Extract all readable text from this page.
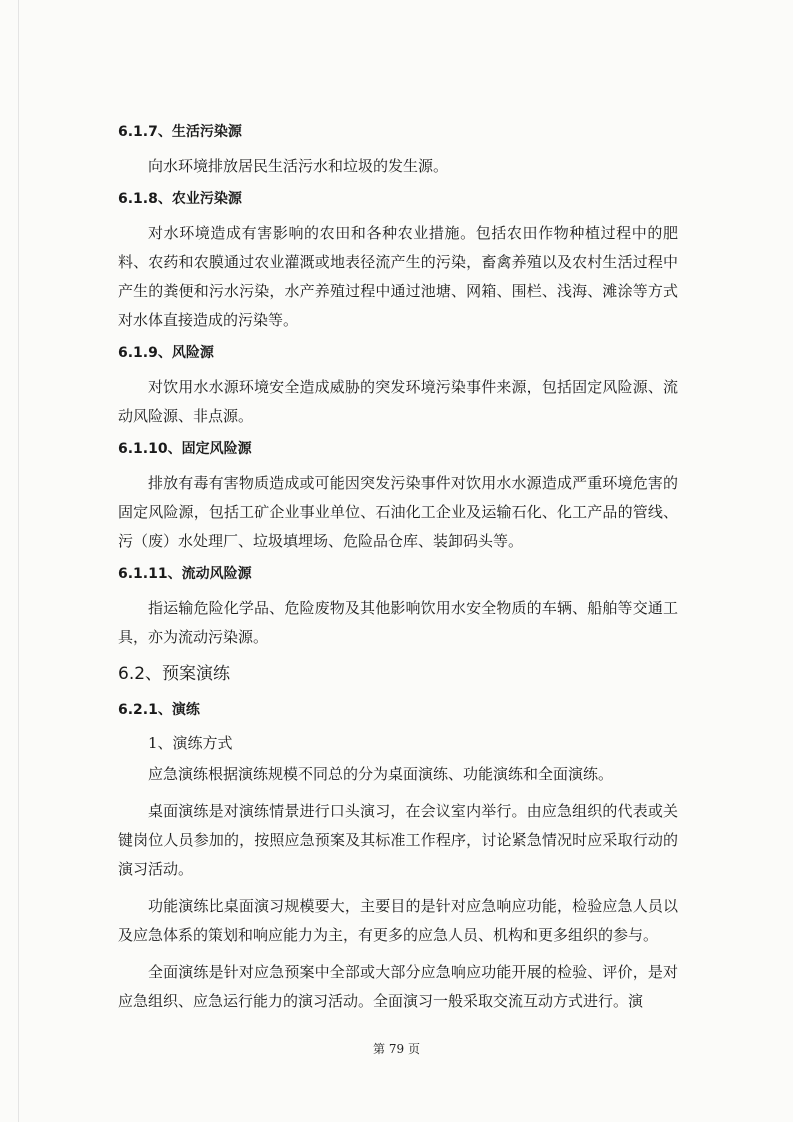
6.1.7、生活污染源

向水环境排放居民生活污水和垃圾的发生源。

6.1.8、农业污染源

对水环境造成有害影响的农田和各种农业措施。包括农田作物种植过程中的肥料、农药和农膜通过农业灌溉或地表径流产生的污染，畜禽养殖以及农村生活过程中产生的粪便和污水污染，水产养殖过程中通过池塘、网箱、围栏、浅海、滩涂等方式对水体直接造成的污染等。

6.1.9、风险源

对饮用水水源环境安全造成威胁的突发环境污染事件来源，包括固定风险源、流动风险源、非点源。

6.1.10、固定风险源

排放有毒有害物质造成或可能因突发污染事件对饮用水水源造成严重环境危害的固定风险源，包括工矿企业事业单位、石油化工企业及运输石化、化工产品的管线、污（废）水处理厂、垃圾填埋场、危险品仓库、装卸码头等。

6.1.11、流动风险源

指运输危险化学品、危险废物及其他影响饮用水安全物质的车辆、船舶等交通工具，亦为流动污染源。

6.2、预案演练
6.2.1、演练
1、演练方式

应急演练根据演练规模不同总的分为桌面演练、功能演练和全面演练。

桌面演练是对演练情景进行口头演习，在会议室内举行。由应急组织的代表或关键岗位人员参加的，按照应急预案及其标准工作程序，讨论紧急情况时应采取行动的演习活动。

功能演练比桌面演习规模要大，主要目的是针对应急响应功能，检验应急人员以及应急体系的策划和响应能力为主，有更多的应急人员、机构和更多组织的参与。

全面演练是针对应急预案中全部或大部分应急响应功能开展的检验、评价，是对应急组织、应急运行能力的演习活动。全面演习一般采取交流互动方式进行。演

第 79 页
